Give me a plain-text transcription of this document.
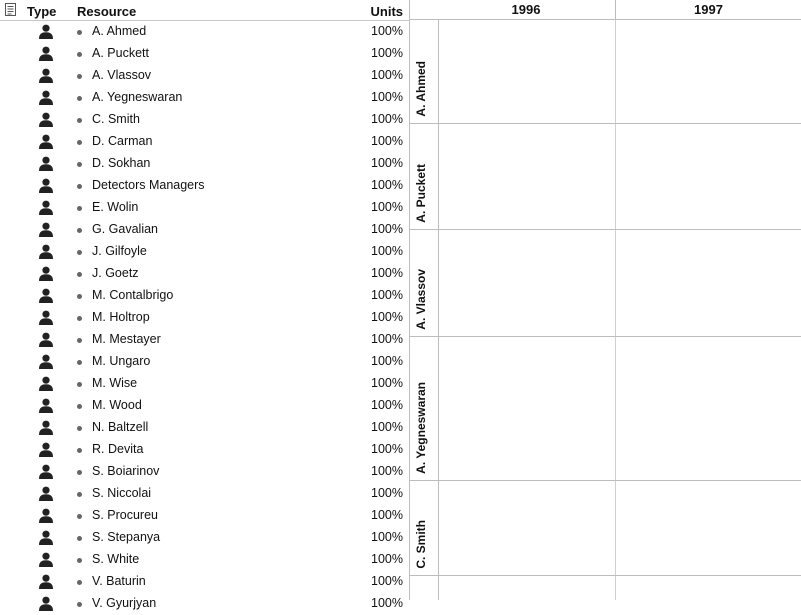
Type Resource	Units
A. Ahmed	100%
A. Puckett	100%
A. Vlassov	100%
A. Yegneswaran	100%
C. Smith	100%
D. Carman	100%
D. Sokhan	100%
Detectors Managers	100%
E. Wolin	100%
G. Gavalian	100%
J. Gilfoyle	100%
J. Goetz	100%
M. Contalbrigo	100%
M. Holtrop	100%
M. Mestayer	100%
M. Ungaro	100%
M. Wise	100%
M. Wood	100%
N. Baltzell	100%
R. Devita	100%
S. Boiarinov	100%
S. Niccolai	100%
S. Procureu	100%
S. Stepanya	100%
S. White	100%
V. Baturin	100%
V. Gyurjyan	100%
1996	1997
A. Ahmed
A. Puckett
A. Vlassov
A. Yegneswaran
C. Smith
